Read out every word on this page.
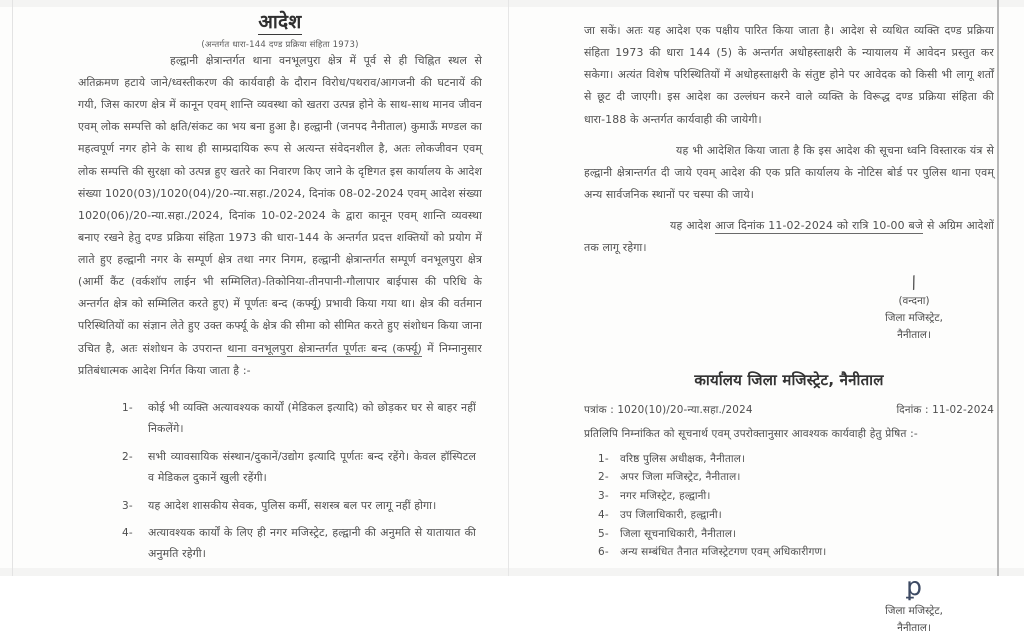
आदेश
(अन्तर्गत धारा-144 दण्ड प्रक्रिया संहिता 1973)

हल्द्वानी क्षेत्रान्तर्गत थाना वनभूलपुरा क्षेत्र में पूर्व से ही चिह्नित स्थल से अतिक्रमण हटाये जाने/ध्वस्तीकरण की कार्यवाही के दौरान विरोध/पथराव/आगजनी की घटनायें की गयी, जिस कारण क्षेत्र में कानून एवम् शान्ति व्यवस्था को खतरा उत्पन्न होने के साथ-साथ मानव जीवन एवम् लोक सम्पत्ति को क्षति/संकट का भय बना हुआ है। हल्द्वानी (जनपद नैनीताल) कुमाऊँ मण्डल का महत्वपूर्ण नगर होने के साथ ही साम्प्रदायिक रूप से अत्यन्त संवेदनशील है, अतः लोकजीवन एवम् लोक सम्पत्ति की सुरक्षा को उत्पन्न हुए खतरे का निवारण किए जाने के दृष्टिगत इस कार्यालय के आदेश संख्या 1020(03)/1020(04)/20-न्या.सहा./2024, दिनांक 08-02-2024 एवम् आदेश संख्या 1020(06)/20-न्या.सहा./2024, दिनांक 10-02-2024 के द्वारा कानून एवम् शान्ति व्यवस्था बनाए रखने हेतु दण्ड प्रक्रिया संहिता 1973 की धारा-144 के अन्तर्गत प्रदत्त शक्तियों को प्रयोग में लाते हुए हल्द्वानी नगर के सम्पूर्ण क्षेत्र तथा नगर निगम, हल्द्वानी क्षेत्रान्तर्गत सम्पूर्ण वनभूलपुरा क्षेत्र (आर्मी कैंट (वर्कशॉप लाईन भी सम्मिलित)-तिकोनिया-तीनपानी-गौलापार बाईपास की परिधि के अन्तर्गत क्षेत्र को सम्मिलित करते हुए) में पूर्णतः बन्द (कर्फ्यू) प्रभावी किया गया था। क्षेत्र की वर्तमान परिस्थितियों का संज्ञान लेते हुए उक्त कर्फ्यू के क्षेत्र की सीमा को सीमित करते हुए संशोधन किया जाना उचित है, अतः संशोधन के उपरान्त थाना वनभूलपुरा क्षेत्रान्तर्गत पूर्णतः बन्द (कर्फ्यू) में निम्नानुसार प्रतिबंधात्मक आदेश निर्गत किया जाता है :-

1- कोई भी व्यक्ति अत्यावश्यक कार्यों (मेडिकल इत्यादि) को छोड़कर घर से बाहर नहीं निकलेंगे।
2- सभी व्यावसायिक संस्थान/दुकानें/उद्योग इत्यादि पूर्णतः बन्द रहेंगे। केवल हॉस्पिटल व मेडिकल दुकानें खुली रहेंगी।
3- यह आदेश शासकीय सेवक, पुलिस कर्मी, सशस्त्र बल पर लागू नहीं होगा।
4- अत्यावश्यक कार्यों के लिए ही नगर मजिस्ट्रेट, हल्द्वानी की अनुमति से यातायात की अनुमति रहेगी।

जा सकें। अतः यह आदेश एक पक्षीय पारित किया जाता है। आदेश से व्यथित व्यक्ति दण्ड प्रक्रिया संहिता 1973 की धारा 144 (5) के अन्तर्गत अधोहस्ताक्षरी के न्यायालय में आवेदन प्रस्तुत कर सकेगा। अत्यंत विशेष परिस्थितियों में अधोहस्ताक्षरी के संतुष्ट होने पर आवेदक को किसी भी लागू शर्तों से छूट दी जाएगी। इस आदेश का उल्लंघन करने वाले व्यक्ति के विरूद्ध दण्ड प्रक्रिया संहिता की धारा-188 के अन्तर्गत कार्यवाही की जायेगी।

यह भी आदेशित किया जाता है कि इस आदेश की सूचना ध्वनि विस्तारक यंत्र से हल्द्वानी क्षेत्रान्तर्गत दी जाये एवम् आदेश की एक प्रति कार्यालय के नोटिस बोर्ड पर पुलिस थाना एवम् अन्य सार्वजनिक स्थानों पर चस्पा की जाये।

यह आदेश आज दिनांक 11-02-2024 को रात्रि 10-00 बजे से अग्रिम आदेशों तक लागू रहेगा।

/
(वन्दना)
जिला मजिस्ट्रेट,
नैनीताल।
कार्यालय जिला मजिस्ट्रेट, नैनीताल
पत्रांक : 1020(10)/20-न्या.सहा./2024	दिनांक : 11-02-2024
प्रतिलिपि निम्नांकित को सूचनार्थ एवम् उपरोक्तानुसार आवश्यक कार्यवाही हेतु प्रेषित :-
1- वरिष्ठ पुलिस अधीक्षक, नैनीताल।
2- अपर जिला मजिस्ट्रेट, नैनीताल।
3- नगर मजिस्ट्रेट, हल्द्वानी।
4- उप जिलाधिकारी, हल्द्वानी।
5- जिला सूचनाधिकारी, नैनीताल।
6- अन्य सम्बंधित तैनात मजिस्ट्रेटगण एवम् अधिकारीगण।
ꝑ
जिला मजिस्ट्रेट,
नैनीताल।
